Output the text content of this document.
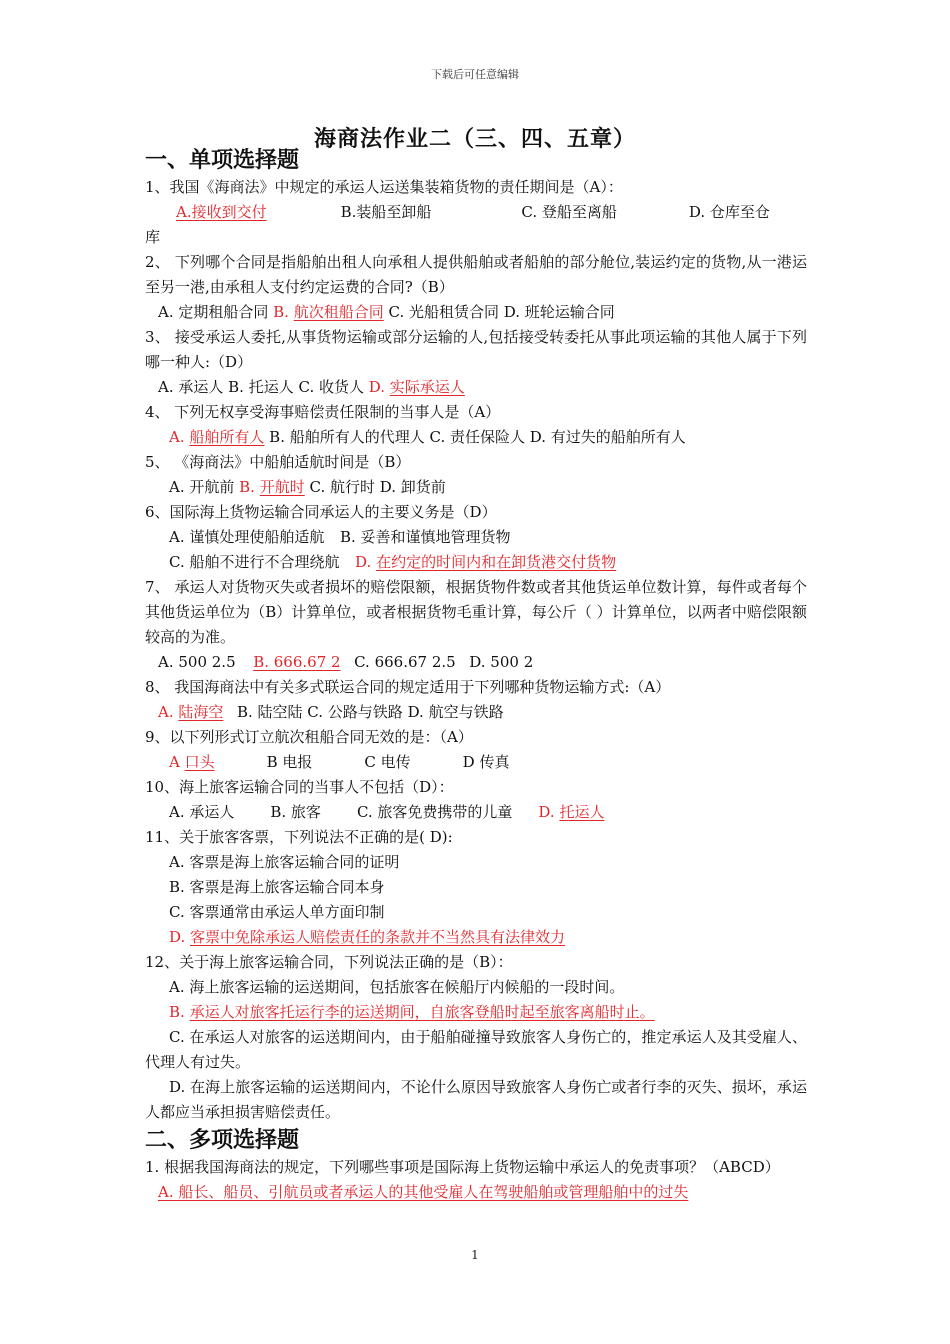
下载后可任意编辑
海商法作业二（三、四、五章）
一、单项选择题
1、我国《海商法》中规定的承运人运送集装箱货物的责任期间是（A）：
A.接收到交付	B.装船至卸船	C. 登船至离船	D. 仓库至仓
库
2、 下列哪个合同是指船舶出租人向承租人提供船舶或者船舶的部分舱位,装运约定的货物,从一港运至另一港,由承租人支付约定运费的合同?（B）
A. 定期租船合同 B. 航次租船合同 C. 光船租赁合同 D. 班轮运输合同
3、 接受承运人委托,从事货物运输或部分运输的人,包括接受转委托从事此项运输的其他人属于下列哪一种人:（D）
A. 承运人 B. 托运人 C. 收货人 D. 实际承运人
4、 下列无权享受海事赔偿责任限制的当事人是（A）
A. 船舶所有人 B. 船舶所有人的代理人 C. 责任保险人 D. 有过失的船舶所有人
5、 《海商法》中船舶适航时间是（B）
A. 开航前 B. 开航时 C. 航行时 D. 卸货前
6、国际海上货物运输合同承运人的主要义务是（D）
A. 谨慎处理使船舶适航 B. 妥善和谨慎地管理货物
C. 船舶不进行不合理绕航 D. 在约定的时间内和在卸货港交付货物
7、 承运人对货物灭失或者损坏的赔偿限额，根据货物件数或者其他货运单位数计算，每件或者每个其他货运单位为（B）计算单位，或者根据货物毛重计算，每公斤（ ）计算单位，以两者中赔偿限额较高的为准。
A. 500 2.5 B. 666.67 2 C. 666.67 2.5 D. 500 2
8、 我国海商法中有关多式联运合同的规定适用于下列哪种货物运输方式:（A）
A. 陆海空 B. 陆空陆 C. 公路与铁路 D. 航空与铁路
9、以下列形式订立航次租船合同无效的是：（A）
A 口头	B 电报	C 电传	D 传真
10、海上旅客运输合同的当事人不包括（D）：
A. 承运人 B. 旅客 C. 旅客免费携带的儿童 D. 托运人
11、关于旅客客票，下列说法不正确的是( D):
A. 客票是海上旅客运输合同的证明
B. 客票是海上旅客运输合同本身
C. 客票通常由承运人单方面印制
D. 客票中免除承运人赔偿责任的条款并不当然具有法律效力
12、关于海上旅客运输合同，下列说法正确的是（B）：
A. 海上旅客运输的运送期间，包括旅客在候船厅内候船的一段时间。
B. 承运人对旅客托运行李的运送期间，自旅客登船时起至旅客离船时止。
C. 在承运人对旅客的运送期间内，由于船舶碰撞导致旅客人身伤亡的，推定承运人及其受雇人、代理人有过失。
D. 在海上旅客运输的运送期间内，不论什么原因导致旅客人身伤亡或者行李的灭失、损坏，承运人都应当承担损害赔偿责任。
二、多项选择题
1. 根据我国海商法的规定，下列哪些事项是国际海上货物运输中承运人的免责事项？（ABCD）
A. 船长、船员、引航员或者承运人的其他受雇人在驾驶船舶或管理船舶中的过失
1
